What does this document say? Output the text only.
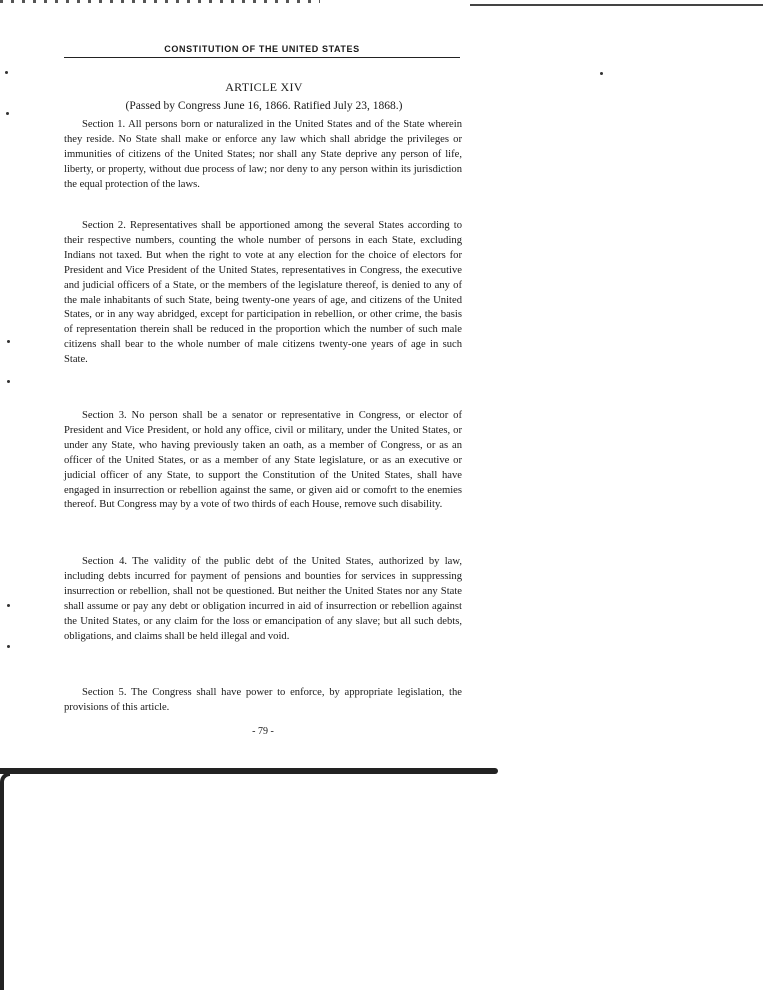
CONSTITUTION OF THE UNITED STATES
ARTICLE XIV
(Passed by Congress June 16, 1866. Ratified July 23, 1868.)

Section 1. All persons born or naturalized in the United States and of the State wherein they reside. No State shall make or enforce any law which shall abridge the privileges or immunities of citizens of the United States; nor shall any State deprive any person of life, liberty, or property, without due process of law; nor deny to any person within its jurisdiction the equal protection of the laws.

Section 2. Representatives shall be apportioned among the several States according to their respective numbers, counting the whole number of persons in each State, excluding Indians not taxed. But when the right to vote at any election for the choice of electors for President and Vice President of the United States, representatives in Congress, the executive and judicial officers of a State, or the members of the legislature thereof, is denied to any of the male inhabitants of such State, being twenty-one years of age, and citizens of the United States, or in any way abridged, except for participation in rebellion, or other crime, the basis of representation therein shall be reduced in the proportion which the number of such male citizens shall bear to the whole number of male citizens twenty-one years of age in such State.

Section 3. No person shall be a senator or representative in Congress, or elector of President and Vice President, or hold any office, civil or military, under the United States, or under any State, who having previously taken an oath, as a member of Congress, or as an officer of the United States, or as a member of any State legislature, or as an executive or judicial officer of any State, to support the Constitution of the United States, shall have engaged in insurrection or rebellion against the same, or given aid or comofrt to the enemies thereof. But Congress may by a vote of two thirds of each House, remove such disability.

Section 4. The validity of the public debt of the United States, authorized by law, including debts incurred for payment of pensions and bounties for services in suppressing insurrection or rebellion, shall not be questioned. But neither the United States nor any State shall assume or pay any debt or obligation incurred in aid of insurrection or rebellion against the United States, or any claim for the loss or emancipation of any slave; but all such debts, obligations, and claims shall be held illegal and void.

Section 5. The Congress shall have power to enforce, by appropriate legislation, the provisions of this article.

- 79 -
